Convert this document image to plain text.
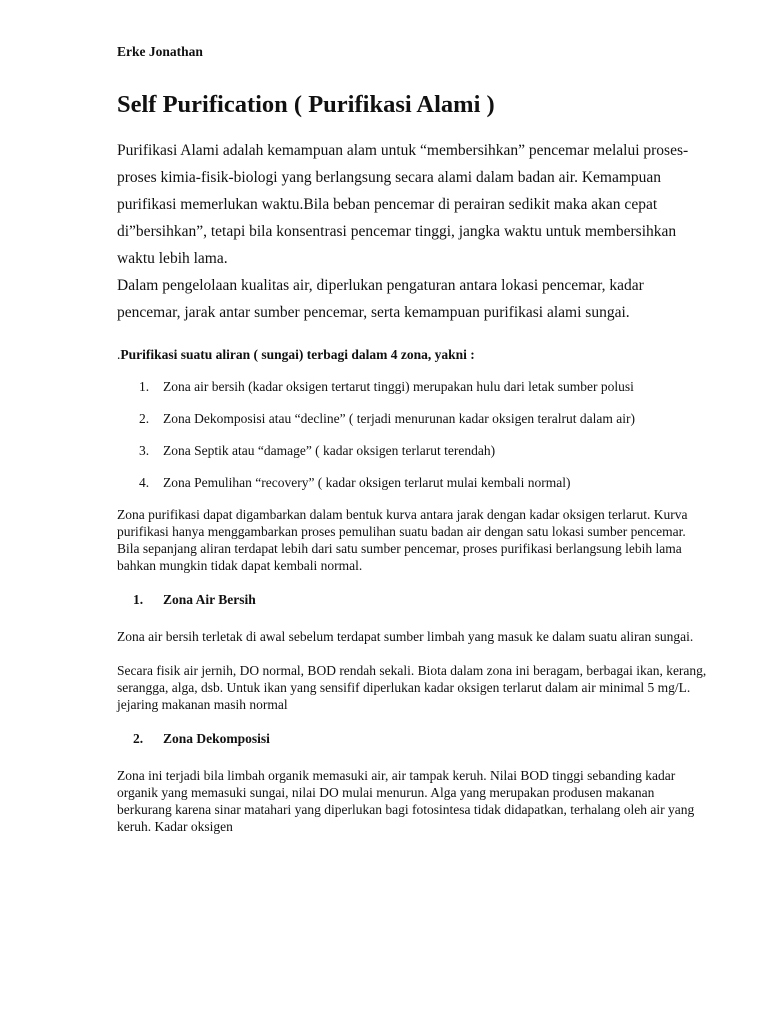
Erke Jonathan
Self Purification ( Purifikasi Alami )

Purifikasi Alami adalah kemampuan alam untuk “membersihkan” pencemar melalui proses-proses kimia-fisik-biologi yang berlangsung secara alami dalam badan air. Kemampuan purifikasi memerlukan waktu.Bila beban pencemar di perairan sedikit maka akan cepat di”bersihkan”, tetapi bila konsentrasi pencemar tinggi, jangka waktu untuk membersihkan waktu lebih lama.

Dalam pengelolaan kualitas air, diperlukan pengaturan antara lokasi pencemar, kadar pencemar, jarak antar sumber pencemar, serta kemampuan purifikasi alami sungai.

.Purifikasi suatu aliran ( sungai) terbagi dalam 4 zona, yakni :
1. Zona air bersih (kadar oksigen tertarut tinggi) merupakan hulu dari letak sumber polusi
2. Zona Dekomposisi atau “decline” ( terjadi menurunan kadar oksigen teralrut dalam air)
3. Zona Septik atau “damage” ( kadar oksigen terlarut terendah)
4. Zona Pemulihan “recovery” ( kadar oksigen terlarut mulai kembali normal)

Zona purifikasi dapat digambarkan dalam bentuk kurva antara jarak dengan kadar oksigen terlarut. Kurva purifikasi hanya menggambarkan proses pemulihan suatu badan air dengan satu lokasi sumber pencemar. Bila sepanjang aliran terdapat lebih dari satu sumber pencemar, proses purifikasi berlangsung lebih lama bahkan mungkin tidak dapat kembali normal.

1.	Zona Air Bersih

Zona air bersih terletak di awal sebelum terdapat sumber limbah yang masuk ke dalam suatu aliran sungai.

Secara fisik air jernih, DO normal, BOD rendah sekali. Biota dalam zona ini beragam, berbagai ikan, kerang, serangga, alga, dsb. Untuk ikan yang sensifif diperlukan kadar oksigen terlarut dalam air minimal 5 mg/L. jejaring makanan masih normal

2.	Zona Dekomposisi

Zona ini terjadi bila limbah organik memasuki air, air tampak keruh. Nilai BOD tinggi sebanding kadar organik yang memasuki sungai, nilai DO mulai menurun. Alga yang merupakan produsen makanan berkurang karena sinar matahari yang diperlukan bagi fotosintesa tidak didapatkan, terhalang oleh air yang keruh. Kadar oksigen
